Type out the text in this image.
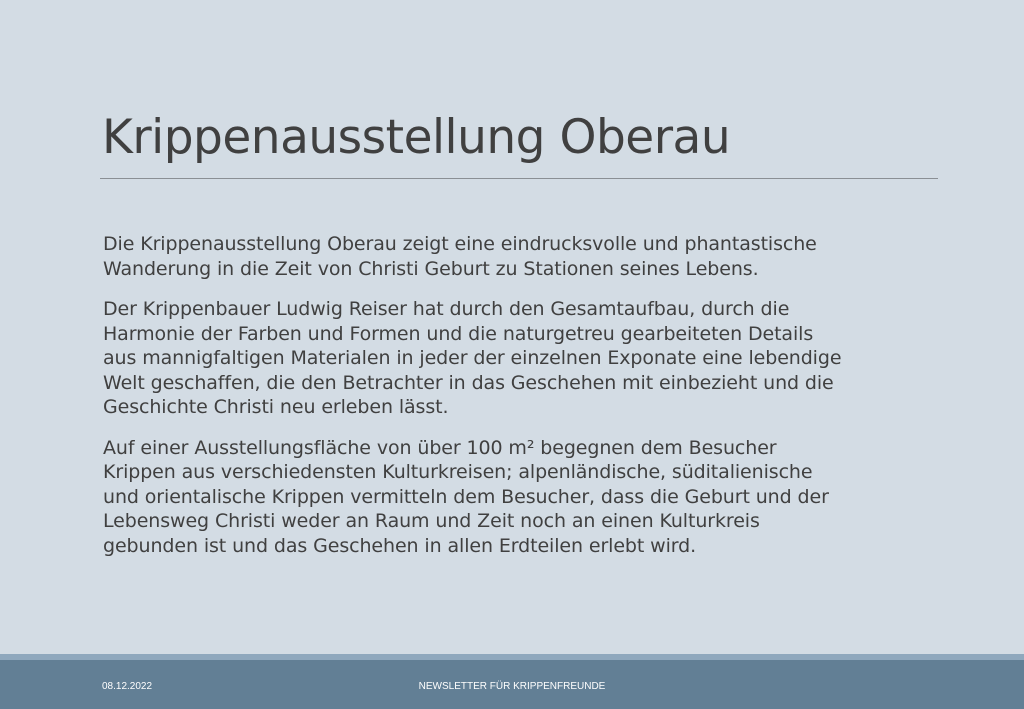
Krippenausstellung Oberau

Die Krippenausstellung Oberau zeigt eine eindrucksvolle und phantastische
Wanderung in die Zeit von Christi Geburt zu Stationen seines Lebens.

Der Krippenbauer Ludwig Reiser hat durch den Gesamtaufbau, durch die
Harmonie der Farben und Formen und die naturgetreu gearbeiteten Details
aus mannigfaltigen Materialen in jeder der einzelnen Exponate eine lebendige
Welt geschaffen, die den Betrachter in das Geschehen mit einbezieht und die
Geschichte Christi neu erleben lässt.

Auf einer Ausstellungsfläche von über 100 m² begegnen dem Besucher
Krippen aus verschiedensten Kulturkreisen; alpenländische, süditalienische
und orientalische Krippen vermitteln dem Besucher, dass die Geburt und der
Lebensweg Christi weder an Raum und Zeit noch an einen Kulturkreis
gebunden ist und das Geschehen in allen Erdteilen erlebt wird.

NEWSLETTER FÜR KRIPPENFREUNDE
08.12.2022
